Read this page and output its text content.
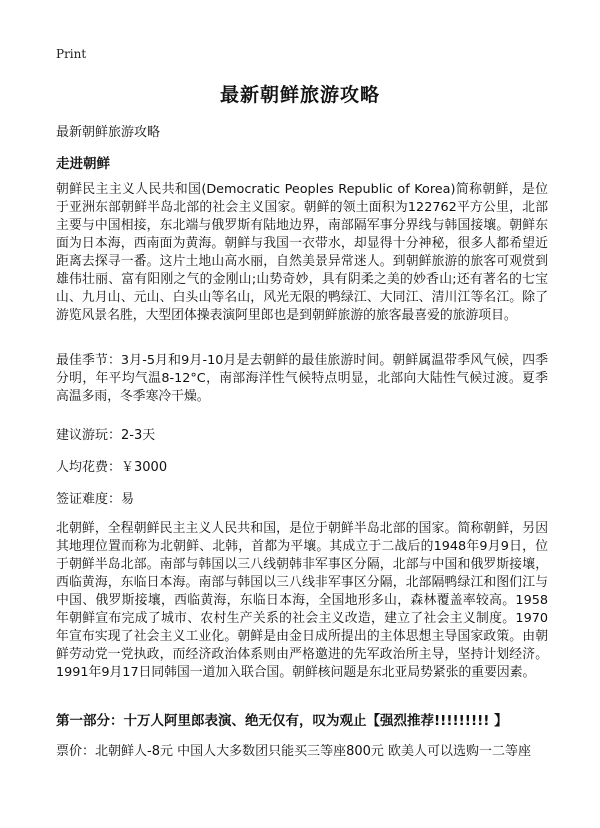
Print
最新朝鲜旅游攻略
最新朝鲜旅游攻略
走进朝鲜

朝鲜民主主义人民共和国(Democratic Peoples Republic of Korea)简称朝鲜，是位于亚洲东部朝鲜半岛北部的社会主义国家。朝鲜的领土面积为122762平方公里，北部主要与中国相接，东北端与俄罗斯有陆地边界，南部隔军事分界线与韩国接壤。朝鲜东面为日本海，西南面为黄海。朝鲜与我国一衣带水，却显得十分神秘，很多人都希望近距离去探寻一番。这片土地山高水丽，自然美景异常迷人。到朝鲜旅游的旅客可观赏到雄伟壮丽、富有阳刚之气的金刚山;山势奇妙，具有阴柔之美的妙香山;还有著名的七宝山、九月山、元山、白头山等名山，风光无限的鸭绿江、大同江、清川江等名江。除了游览风景名胜，大型团体操表演阿里郎也是到朝鲜旅游的旅客最喜爱的旅游项目。

最佳季节：3月-5月和9月-10月是去朝鲜的最佳旅游时间。朝鲜属温带季风气候，四季分明，年平均气温8-12°C，南部海洋性气候特点明显，北部向大陆性气候过渡。夏季高温多雨，冬季寒冷干燥。

建议游玩：2-3天
人均花费：￥3000
签证难度：易

北朝鲜，全程朝鲜民主主义人民共和国，是位于朝鲜半岛北部的国家。简称朝鲜，另因其地理位置而称为北朝鲜、北韩，首都为平壤。其成立于二战后的1948年9月9日，位于朝鲜半岛北部。南部与韩国以三八线朝韩非军事区分隔，北部与中国和俄罗斯接壤，西临黄海，东临日本海。南部与韩国以三八线非军事区分隔，北部隔鸭绿江和图们江与中国、俄罗斯接壤，西临黄海，东临日本海，全国地形多山，森林覆盖率较高。1958年朝鲜宣布完成了城市、农村生产关系的社会主义改造，建立了社会主义制度。1970年宣布实现了社会主义工业化。朝鲜是由金日成所提出的主体思想主导国家政策。由朝鲜劳动党一党执政，而经济政治体系则由严格邀进的先军政治所主导，坚持计划经济。1991年9月17日同韩国一道加入联合国。朝鲜核问题是东北亚局势紧张的重要因素。

第一部分：十万人阿里郎表演、绝无仅有，叹为观止【强烈推荐!!!!!!!!! 】
票价：北朝鲜人-8元 中国人大多数团只能买三等座800元 欧美人可以选购一二等座
